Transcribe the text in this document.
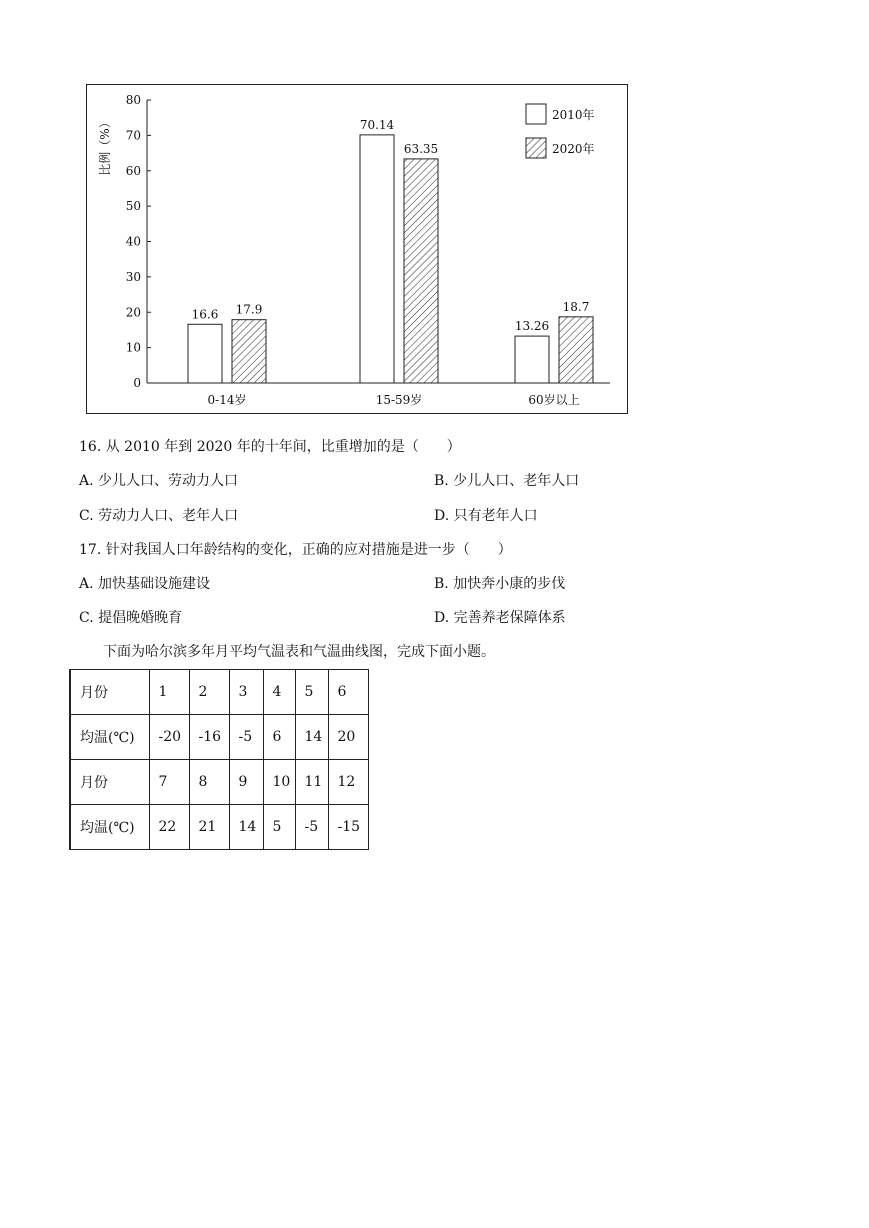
0
10
20
30
40
50
60
70
80
比例（%）
16.6 17.9
0-14岁
70.14
63.35
15-59岁
13.26
18.7
60岁以上
2010年
2020年
16. 从 2010 年到 2020 年的十年间，比重增加的是（　　）
A. 少儿人口、劳动力人口	B. 少儿人口、老年人口
C. 劳动力人口、老年人口	D. 只有老年人口
17. 针对我国人口年龄结构的变化，正确的应对措施是进一步（　　）
A. 加快基础设施建设	B. 加快奔小康的步伐
C. 提倡晚婚晚育	D. 完善养老保障体系
下面为哈尔滨多年月平均气温表和气温曲线图，完成下面小题。
月份	1	2	3	4	5	6
均温(℃)	-20	-16	-5	6	14	20
月份	7	8	9	10	11	12
均温(℃)	22	21	14	5	-5	-15
